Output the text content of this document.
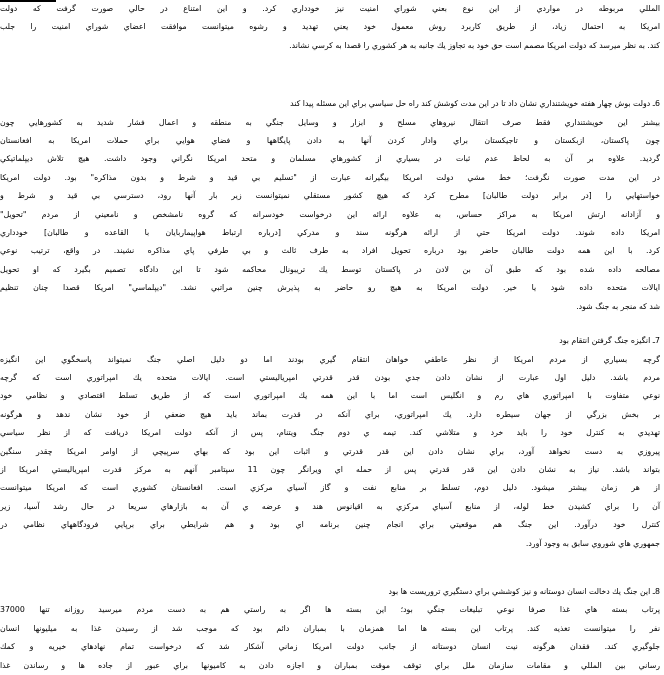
المللي مربوطه در مواردي از اين نوع بعني شوراي امنيت نيز خودداري كرد. و اين امتناع در حالي صورت گرفت كه دولت
امريكا به احتمال زياد، از طريق كاربرد روش معمول خود يعني تهديد و رشوه ميتوانست موافقت اعضاي شوراي امنيت را جلب
كند. به نظر ميرسد كه دولت امريكا مصمم است حق خود به تجاوز يك جانبه به هر كشوري را قصدا به كرسي نشاند.

6ـ دولت بوش چهار هفته خويشتنداري نشان داد تا در اين مدت كوشش كند راه حل سياسي براي اين مسئله پيدا كند

بيشتر اين خويشتنداري فقط صرف انتقال نيروهاي مسلح و ابزار و وسايل جنگي به منطقه و اعمال فشار شديد به كشورهايي چون
چون پاكستان، ازبكستان و تاجيكستان براي وادار كردن آنها به دادن پايگاهها و فضاي هوايي براي حملات امريكا به افغانستان
گرديد. علاوه بر آن به لحاظ عدم ثبات در بسياري از كشورهاي مسلمان و متحد امريكا نگراني وجود داشت. هيچ تلاش ديپلماتيكي
در اين مدت صورت نگرفت؛ خط مشي دولت امريكا بيگيرانه عبارت از "تسليم بي قيد و شرط و بدون مذاكره" بود. دولت امريكا
خواستهايي را [در برابر دولت طالبان] مطرح كرد كه هيچ كشور مستقلي نميتوانست زير بار آنها رود، دسترسي بي قيد و شرط و
و آزادانه ارتش امريكا به مراكز حساس، به علاوه ارائه اين درخواست خودسرانه كه گروه نامشخص و نامعيني از مردم "تحويل"
امريكا داده شوند. دولت امريكا حتي از ارائه هرگونه سند و مدركي [درباره ارتباط هواپيماربايان با القاعده و طالبان] خودداري
كرد. با اين همه دولت طالبان حاضر بود درباره تحويل افراد به طرف ثالث و بي طرفي پاي مذاكره نشيند. در واقع، ترتيب نوعي
مصالحه داده شده بود كه طبق آن بن لادن در پاكستان توسط يك تريبونال محاكمه شود تا اين دادگاه تصميم بگيرد كه او تحويل
ايالات متحده داده شود يا خير. دولت امريكا به هيچ رو حاضر به پذيرش چنين مراتبي نشد. "ديپلماسي" امريكا قصدا چنان تنظيم
شد كه منجر به جنگ شود.

7ـ انگيزه جنگ گرفتن انتقام بود

گرچه بسياري از مردم امريكا از نظر عاطفي خواهان انتقام گيري بودند اما دو دليل اصلي جنگ نميتواند پاسخگوي اين انگيزه
مردم باشد. دليل اول عبارت از نشان دادن جدي بودن قدر قدرتي امپرياليستي است. ايالات متحده يك امپراتوري است كه گرچه
نوعي متفاوت با امپراتوري هاي رم و انگليس است اما با اين همه يك امپراتوري است كه از طريق تسلط اقتصادي و نظامي خود
بر بخش بزرگي از جهان سيطره دارد. يك امپراتوري، براي آنكه در قدرت بماند بايد هيچ ضعفي از خود نشان ندهد و هرگونه
تهديدي به كنترل خود را بايد خرد و متلاشي كند. تيمه ي دوم جنگ ويتنام، پس از آنكه دولت امريكا دريافت كه از نظر سياسي
پيروزي به دست نخواهد آورد، براي نشان دادن اين قدر قدرتي و اثبات اين بود كه بهاي سرپيچي از اوامر امريكا چقدر سنگين
بتواند باشد. نياز به نشان دادن اين قدر قدرتي پس از حمله اي ويرانگر چون 11 سپتامبر آنهم به مركز قدرت امپرياليستي امريكا از
از هر زمان بيشتر ميشود. دليل دوم، تسلط بر منابع نفت و گاز آسياي مركزي است. افغانستان كشوري است كه امريكا ميتوانست
آن را براي كشيدن خط لوله، از منابع آسياي مركزي به اقيانوس هند و عرضه ي آن به بازارهاي سريعا در حال رشد آسيا، زير
كنترل خود درآورد. اين جنگ هم موقعيتي براي انجام چنين برنامه اي بود و هم شرايطي براي برپايي فرودگاههاي نظامي در
جمهوري هاي شوروي سابق به وجود آورد.

8ـ اين جنگ يك دخالت انسان دوستانه و نيز كوششي براي دستگيري تروريست ها بود

پرتاب بسته هاي غذا صرفا نوعي تبليغات جنگي بود؛ اين بسته ها اگر به راستي هم به دست مردم ميرسيد روزانه تنها 37000
نفر را ميتوانست تغذيه كند. پرتاب اين بسته ها اما همزمان با بمباران دائم بود كه موجب شد از رسيدن غذا به ميليونها انسان
جلوگيري كند. فقدان هرگونه نيت انسان دوستانه از جانب دولت امريكا زماني آشكار شد كه درخواست تمام نهادهاي خيريه و كمك
رساني بين المللي و مقامات سازمان ملل براي توقف موقت بمباران و اجازه دادن به كاميونها براي عبور از جاده ها و رساندن غذا
